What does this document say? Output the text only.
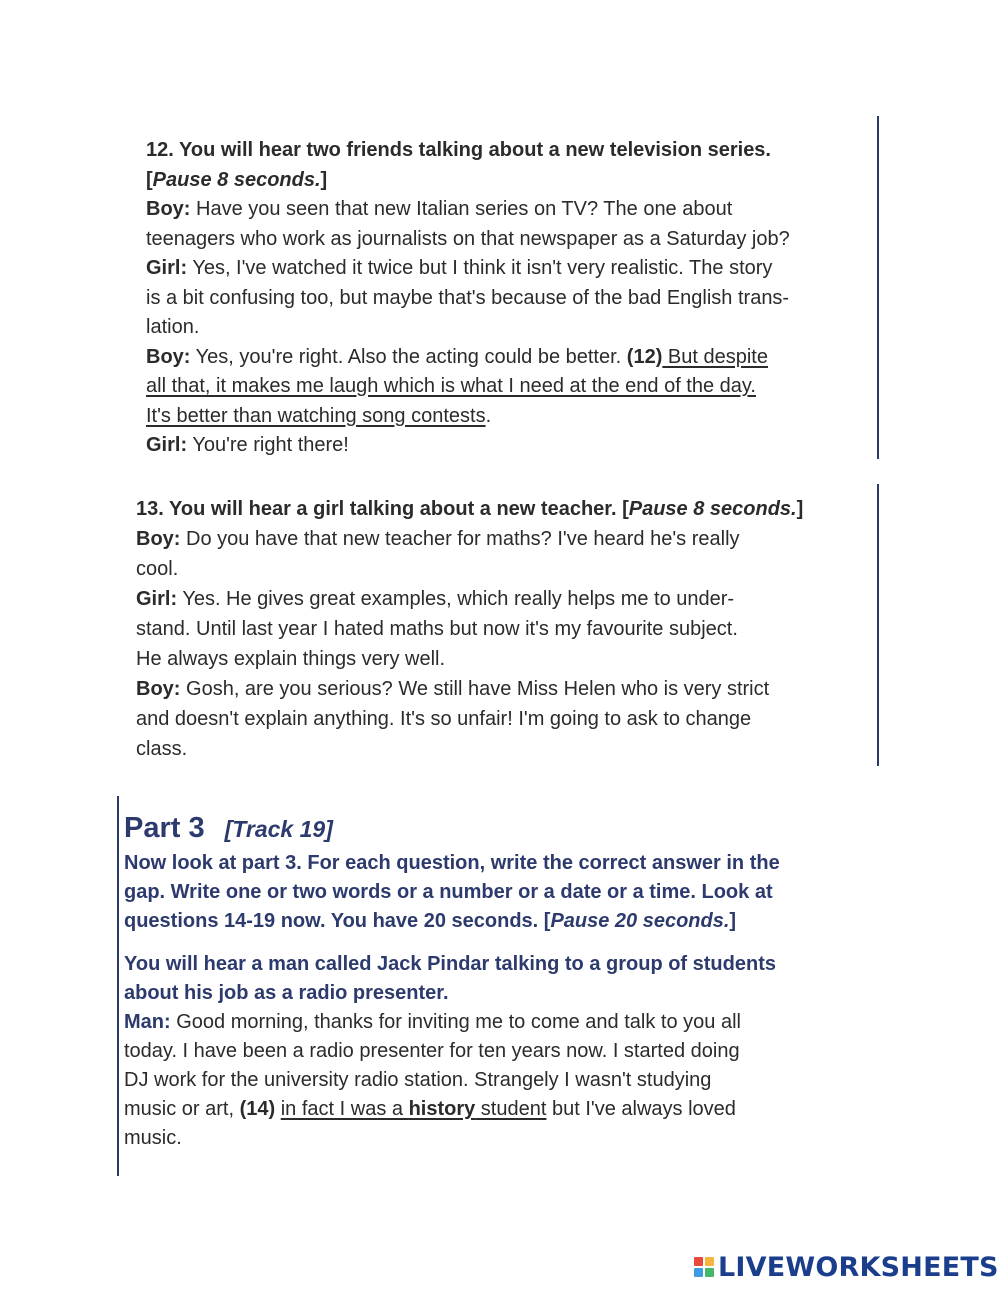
12. You will hear two friends talking about a new television series.
[Pause 8 seconds.]
Boy: Have you seen that new Italian series on TV? The one about
teenagers who work as journalists on that newspaper as a Saturday job?
Girl: Yes, I've watched it twice but I think it isn't very realistic. The story
is a bit confusing too, but maybe that's because of the bad English trans-
lation.
Boy: Yes, you're right. Also the acting could be better. (12) But despite
all that, it makes me laugh which is what I need at the end of the day.
It's better than watching song contests.
Girl: You're right there!
13. You will hear a girl talking about a new teacher. [Pause 8 seconds.]
Boy: Do you have that new teacher for maths? I've heard he's really
cool.
Girl: Yes. He gives great examples, which really helps me to under-
stand. Until last year I hated maths but now it's my favourite subject.
He always explain things very well.
Boy: Gosh, are you serious? We still have Miss Helen who is very strict
and doesn't explain anything. It's so unfair! I'm going to ask to change
class.
Part 3 [Track 19]
Now look at part 3. For each question, write the correct answer in the
gap. Write one or two words or a number or a date or a time. Look at
questions 14-19 now. You have 20 seconds. [Pause 20 seconds.]
You will hear a man called Jack Pindar talking to a group of students
about his job as a radio presenter.
Man: Good morning, thanks for inviting me to come and talk to you all
today. I have been a radio presenter for ten years now. I started doing
DJ work for the university radio station. Strangely I wasn't studying
music or art, (14) in fact I was a history student but I've always loved
music.
LIVEWORKSHEETS
